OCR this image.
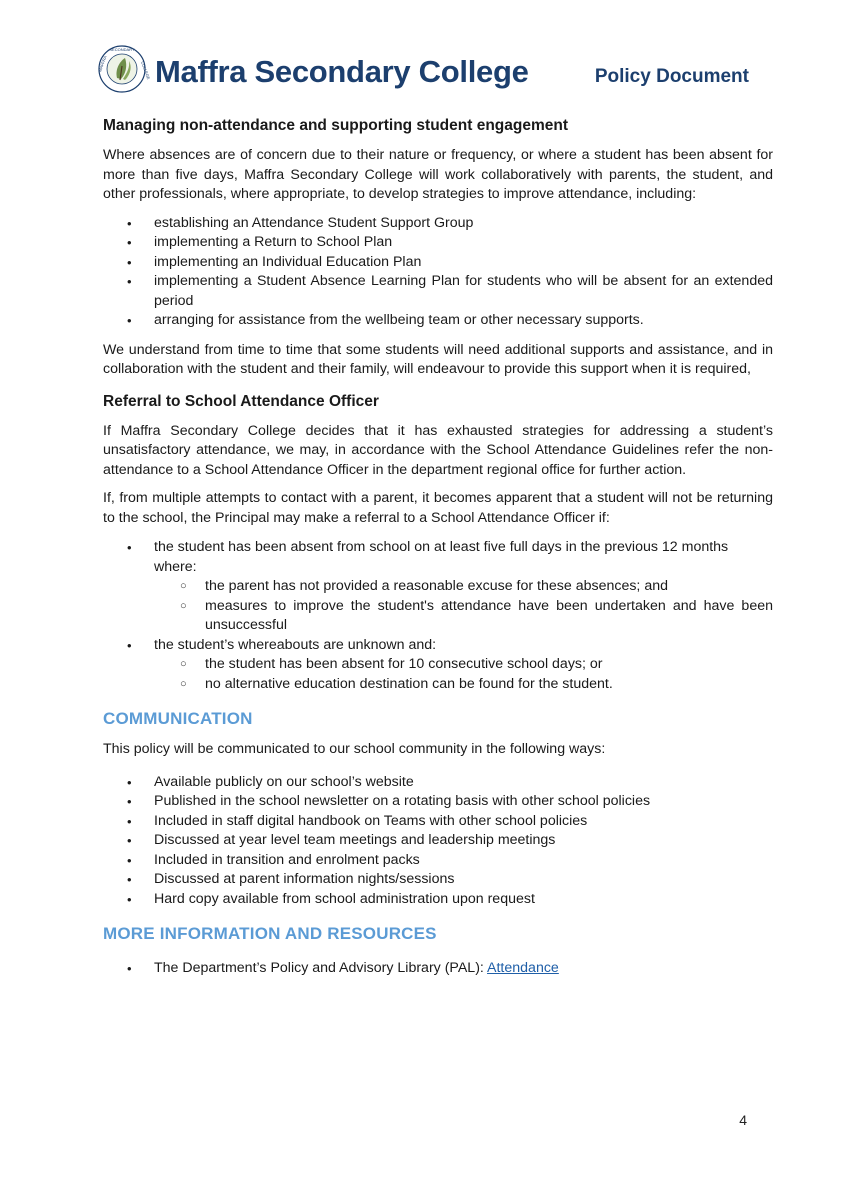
SECONDARY
MAFFRA	COLLEGE Maffra Secondary College	Policy Document
Managing non-attendance and supporting student engagement

Where absences are of concern due to their nature or frequency, or where a student has been absent for more than five days, Maffra Secondary College will work collaboratively with parents, the student, and other professionals, where appropriate, to develop strategies to improve attendance, including:

• establishing an Attendance Student Support Group
• implementing a Return to School Plan
• implementing an Individual Education Plan
• implementing a Student Absence Learning Plan for students who will be absent for an extended period
• arranging for assistance from the wellbeing team or other necessary supports.

We understand from time to time that some students will need additional supports and assistance, and in collaboration with the student and their family, will endeavour to provide this support when it is required,

Referral to School Attendance Officer

If Maffra Secondary College decides that it has exhausted strategies for addressing a student’s unsatisfactory attendance, we may, in accordance with the School Attendance Guidelines refer the non-attendance to a School Attendance Officer in the department regional office for further action.

If, from multiple attempts to contact with a parent, it becomes apparent that a student will not be returning to the school, the Principal may make a referral to a School Attendance Officer if:

• the student has been absent from school on at least five full days in the previous 12 months where:
○ the parent has not provided a reasonable excuse for these absences; and
○ measures to improve the student's attendance have been undertaken and have been unsuccessful
• the student’s whereabouts are unknown and:
○ the student has been absent for 10 consecutive school days; or
○ no alternative education destination can be found for the student.
COMMUNICATION

This policy will be communicated to our school community in the following ways:

• Available publicly on our school’s website
• Published in the school newsletter on a rotating basis with other school policies
• Included in staff digital handbook on Teams with other school policies
• Discussed at year level team meetings and leadership meetings
• Included in transition and enrolment packs
• Discussed at parent information nights/sessions
• Hard copy available from school administration upon request
MORE INFORMATION AND RESOURCES
• The Department’s Policy and Advisory Library (PAL): Attendance
4
